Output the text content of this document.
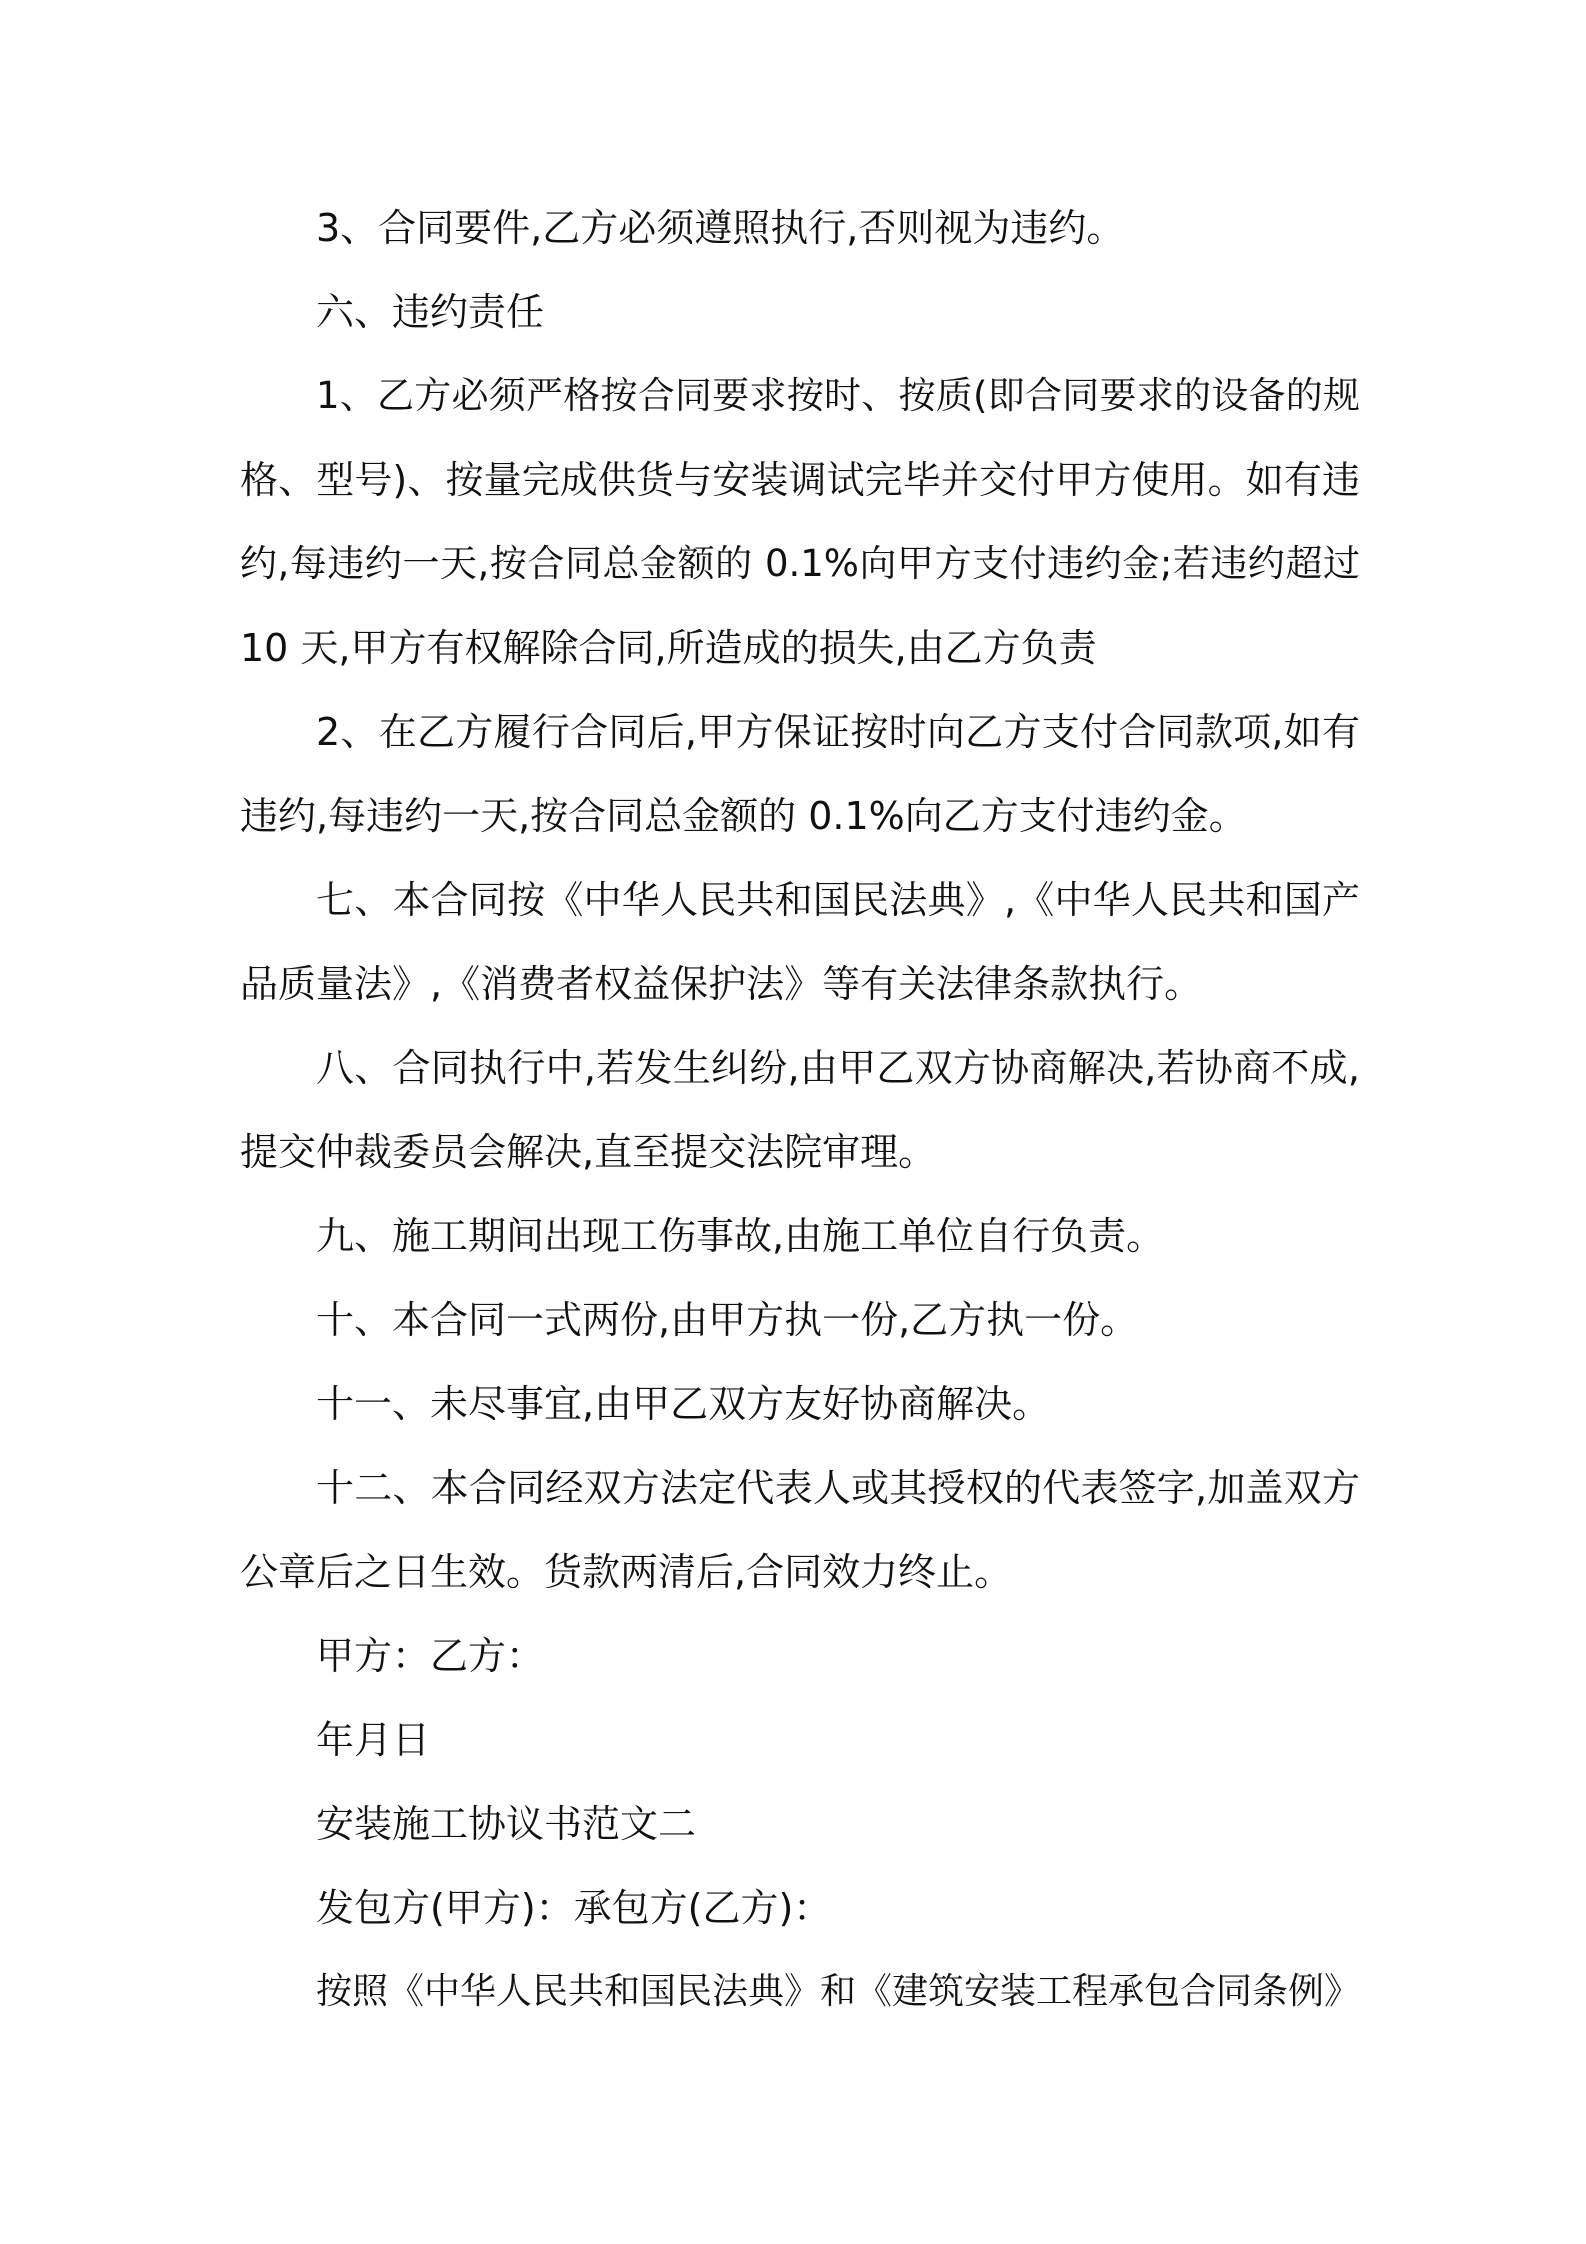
3、合同要件,乙方必须遵照执行,否则视为违约。
六、违约责任
1、乙方必须严格按合同要求按时、按质(即合同要求的设备的规
格、型号)、按量完成供货与安装调试完毕并交付甲方使用。如有违
约,每违约一天,按合同总金额的 0.1%向甲方支付违约金;若违约超过
10 天,甲方有权解除合同,所造成的损失,由乙方负责
2、在乙方履行合同后,甲方保证按时向乙方支付合同款项,如有
违约,每违约一天,按合同总金额的 0.1%向乙方支付违约金。
七、本合同按《中华人民共和国民法典》,《中华人民共和国产
品质量法》,《消费者权益保护法》等有关法律条款执行。
八、合同执行中,若发生纠纷,由甲乙双方协商解决,若协商不成,
提交仲裁委员会解决,直至提交法院审理。
九、施工期间出现工伤事故,由施工单位自行负责。
十、本合同一式两份,由甲方执一份,乙方执一份。
十一、未尽事宜,由甲乙双方友好协商解决。
十二、本合同经双方法定代表人或其授权的代表签字,加盖双方
公章后之日生效。货款两清后,合同效力终止。
甲方：乙方：
年月日
安装施工协议书范文二
发包方(甲方)：承包方(乙方)：
按照《中华人民共和国民法典》和《建筑安装工程承包合同条例》
